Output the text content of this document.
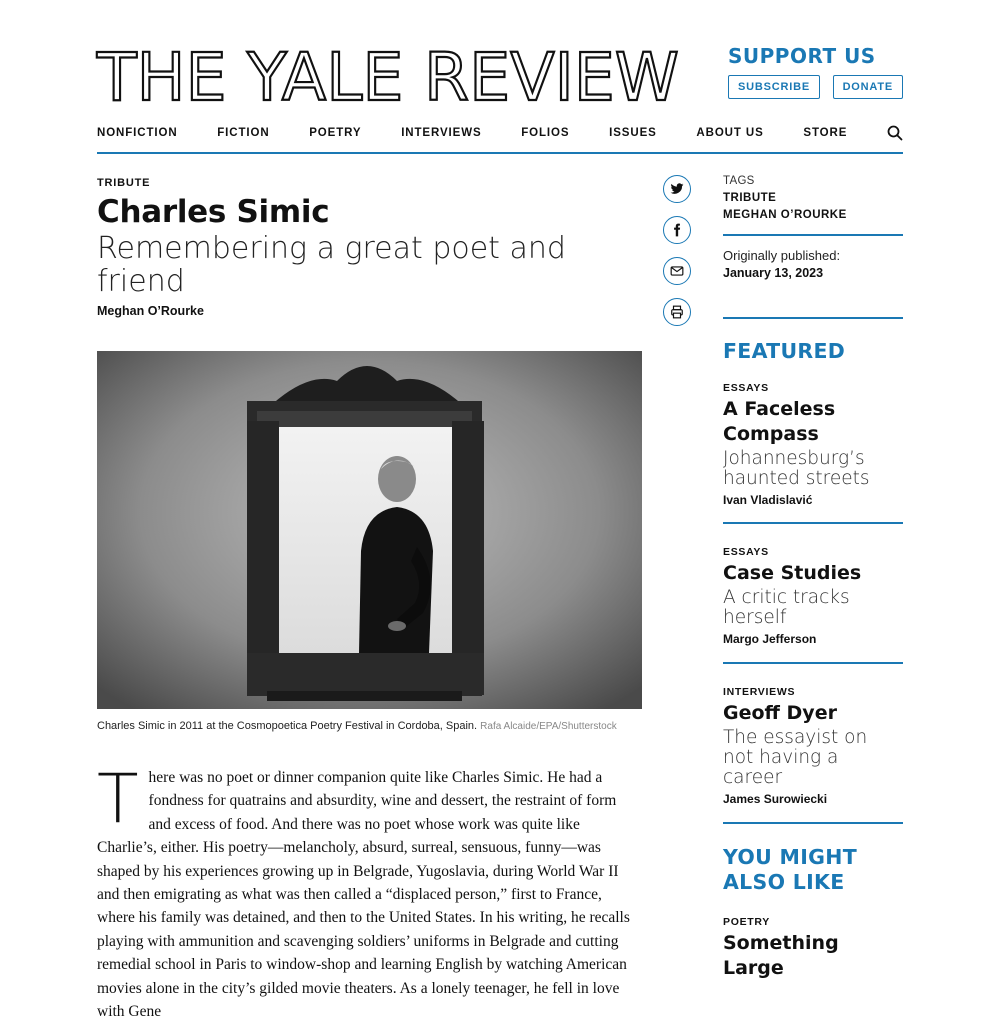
THE YALE REVIEW SUPPORT US
SUBSCRIBE	DONATE
NONFICTION	FICTION	POETRY	INTERVIEWS	FOLIOS	ISSUES	ABOUT US	STORE
TRIBUTE
Charles Simic
Remembering a great poet and friend
Meghan O’Rourke
Charles Simic in 2011 at the Cosmopoetica Poetry Festival in Cordoba, Spain. Rafa Alcaide/EPA/Shutterstock
T here was no poet or dinner companion quite like Charles Simic. He had a fondness for quatrains and absurdity, wine and dessert, the restraint of form and excess of food. And there was no poet whose work was quite like Charlie’s, either. His poetry—melancholy, absurd, surreal, sensuous, funny—was shaped by his experiences growing up in Belgrade, Yugoslavia, during World War II and then emigrating as what was then called a “displaced person,” first to France, where his family was detained, and then to the United States. In his writing, he recalls playing with ammunition and scavenging soldiers’ uniforms in Belgrade and cutting remedial school in Paris to window-shop and learning English by watching American movies alone in the city’s gilded movie theaters. As a lonely teenager, he fell in love with Gene
TAGS
TRIBUTE
MEGHAN O’ROURKE
Originally published:
January 13, 2023
FEATURED
ESSAYS
A Faceless Compass
Johannesburg’s haunted streets
Ivan Vladislavić
ESSAYS
Case Studies
A critic tracks herself
Margo Jefferson
INTERVIEWS
Geoff Dyer
The essayist on not having a career
James Surowiecki
YOU MIGHT ALSO LIKE
POETRY
Something Large
